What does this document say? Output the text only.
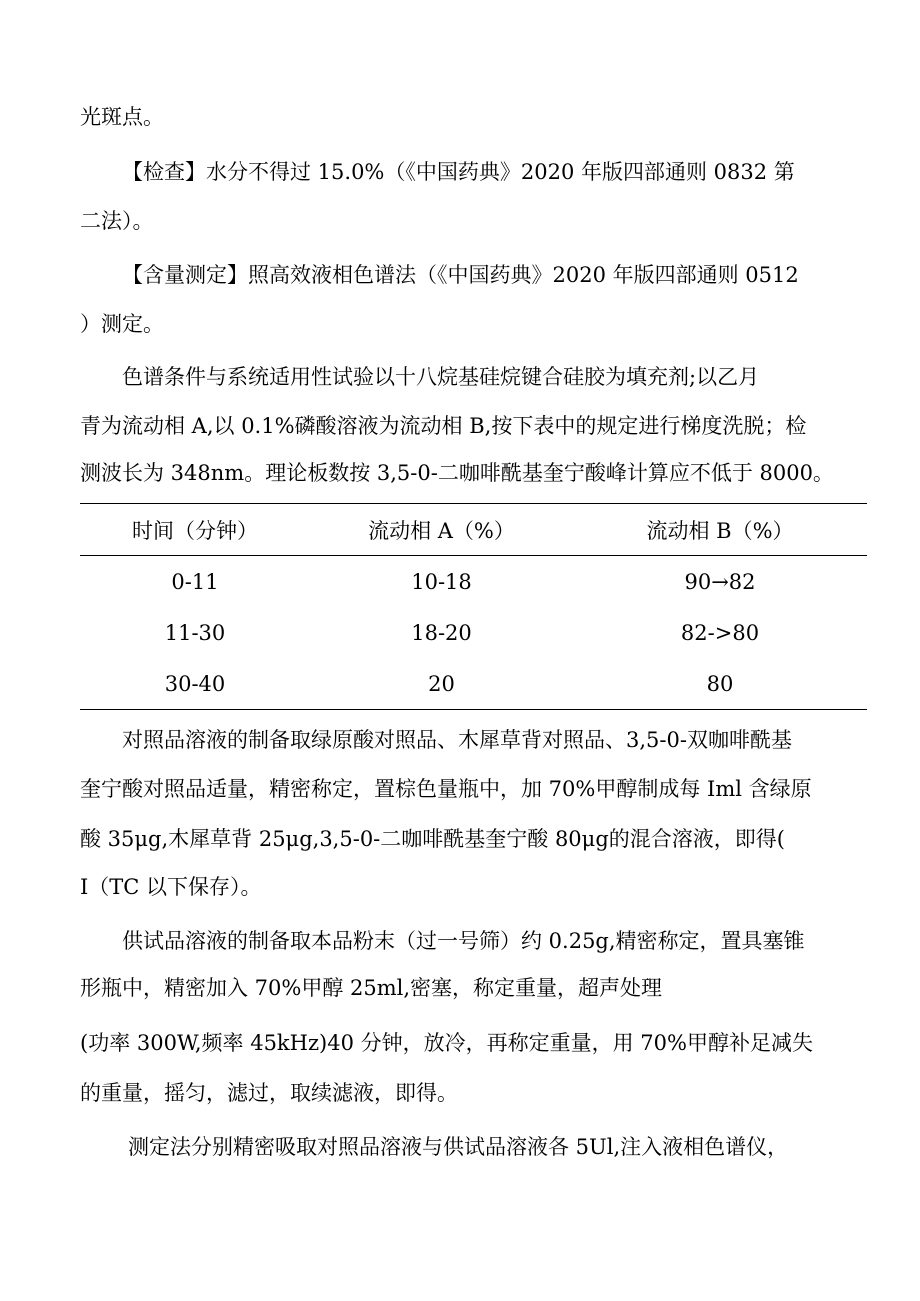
光斑点。
【检查】水分不得过 15.0%（《中国药典》2020 年版四部通则 0832 第
二法）。
【含量测定】照高效液相色谱法（《中国药典》2020 年版四部通则 0512
）测定。
色谱条件与系统适用性试验以十八烷基硅烷键合硅胶为填充剂;以乙月
青为流动相 A,以 0.1%磷酸溶液为流动相 B,按下表中的规定进行梯度洗脱；检
测波长为 348nm。理论板数按 3,5-0-二咖啡酰基奎宁酸峰计算应不低于 8000。
时间（分钟）	流动相 A（%）	流动相 B（%）
0-11	10-18	90→82
11-30	18-20	82->80
30-40	20	80
对照品溶液的制备取绿原酸对照品、木犀草背对照品、3,5-0-双咖啡酰基
奎宁酸对照品适量，精密称定，置棕色量瓶中，加 70%甲醇制成每 Iml 含绿原
酸 35μg,木犀草背 25μg,3,5-0-二咖啡酰基奎宁酸 80μg的混合溶液，即得(
I（TC 以下保存）。
供试品溶液的制备取本品粉末（过一号筛）约 0.25g,精密称定，置具塞锥
形瓶中，精密加入 70%甲醇 25ml,密塞，称定重量，超声处理
(功率 300W,频率 45kHz)40 分钟，放冷，再称定重量，用 70%甲醇补足减失
的重量，摇匀，滤过，取续滤液，即得。
测定法分别精密吸取对照品溶液与供试品溶液各 5Ul,注入液相色谱仪，
